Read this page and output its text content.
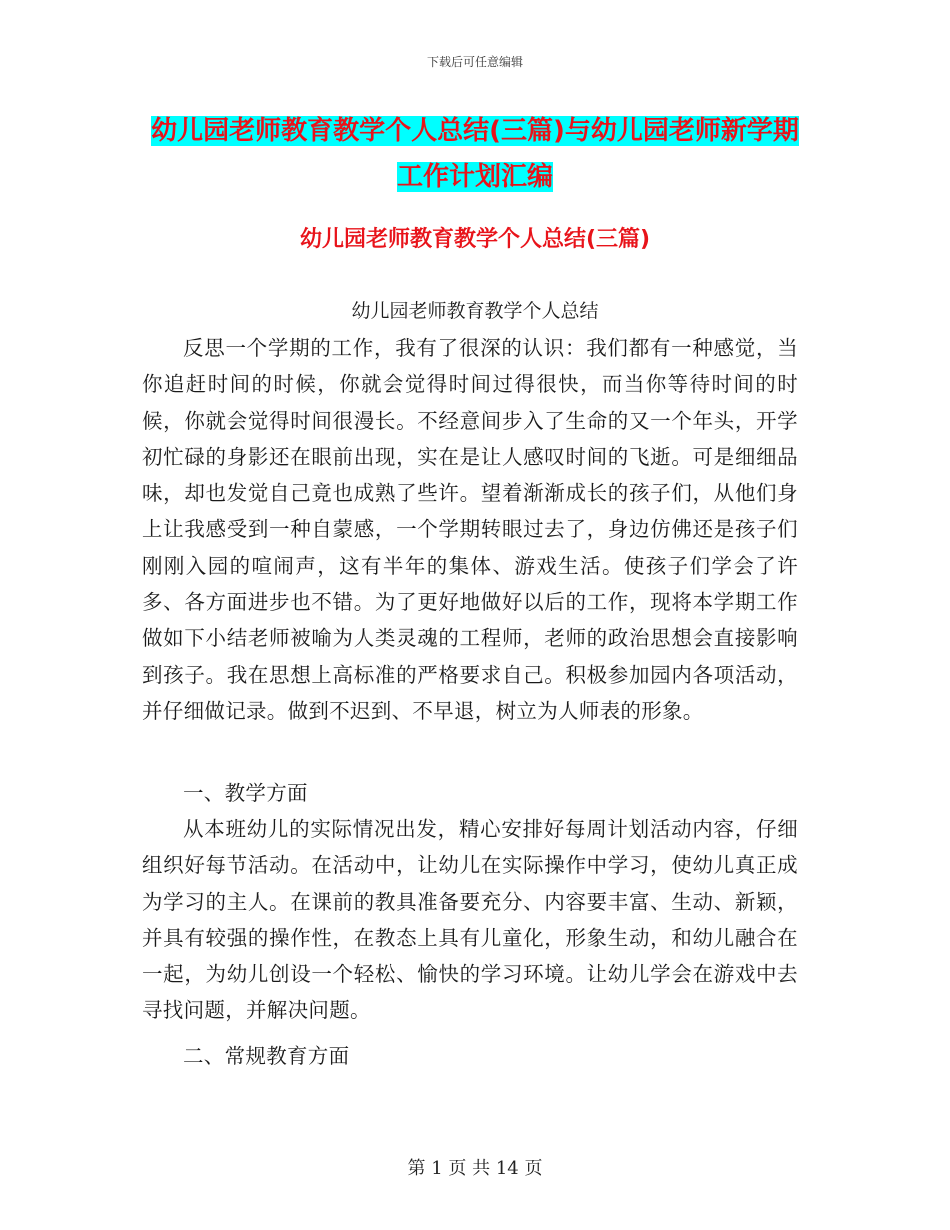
下载后可任意编辑
幼儿园老师教育教学个人总结(三篇)与幼儿园老师新学期工作计划汇编
幼儿园老师教育教学个人总结(三篇)
幼儿园老师教育教学个人总结

反思一个学期的工作，我有了很深的认识：我们都有一种感觉，当你追赶时间的时候，你就会觉得时间过得很快，而当你等待时间的时候，你就会觉得时间很漫长。不经意间步入了生命的又一个年头，开学初忙碌的身影还在眼前出现，实在是让人感叹时间的飞逝。可是细细品味，却也发觉自己竟也成熟了些许。望着渐渐成长的孩子们，从他们身上让我感受到一种自蒙感，一个学期转眼过去了，身边仿佛还是孩子们刚刚入园的喧闹声，这有半年的集体、游戏生活。使孩子们学会了许多、各方面进步也不错。为了更好地做好以后的工作，现将本学期工作做如下小结老师被喻为人类灵魂的工程师，老师的政治思想会直接影响到孩子。我在思想上高标准的严格要求自己。积极参加园内各项活动，并仔细做记录。做到不迟到、不早退，树立为人师表的形象。

一、教学方面

从本班幼儿的实际情况出发，精心安排好每周计划活动内容，仔细组织好每节活动。在活动中，让幼儿在实际操作中学习，使幼儿真正成为学习的主人。在课前的教具准备要充分、内容要丰富、生动、新颖，并具有较强的操作性，在教态上具有儿童化，形象生动，和幼儿融合在一起，为幼儿创设一个轻松、愉快的学习环境。让幼儿学会在游戏中去寻找问题，并解决问题。

二、常规教育方面

第 1 页 共 14 页
